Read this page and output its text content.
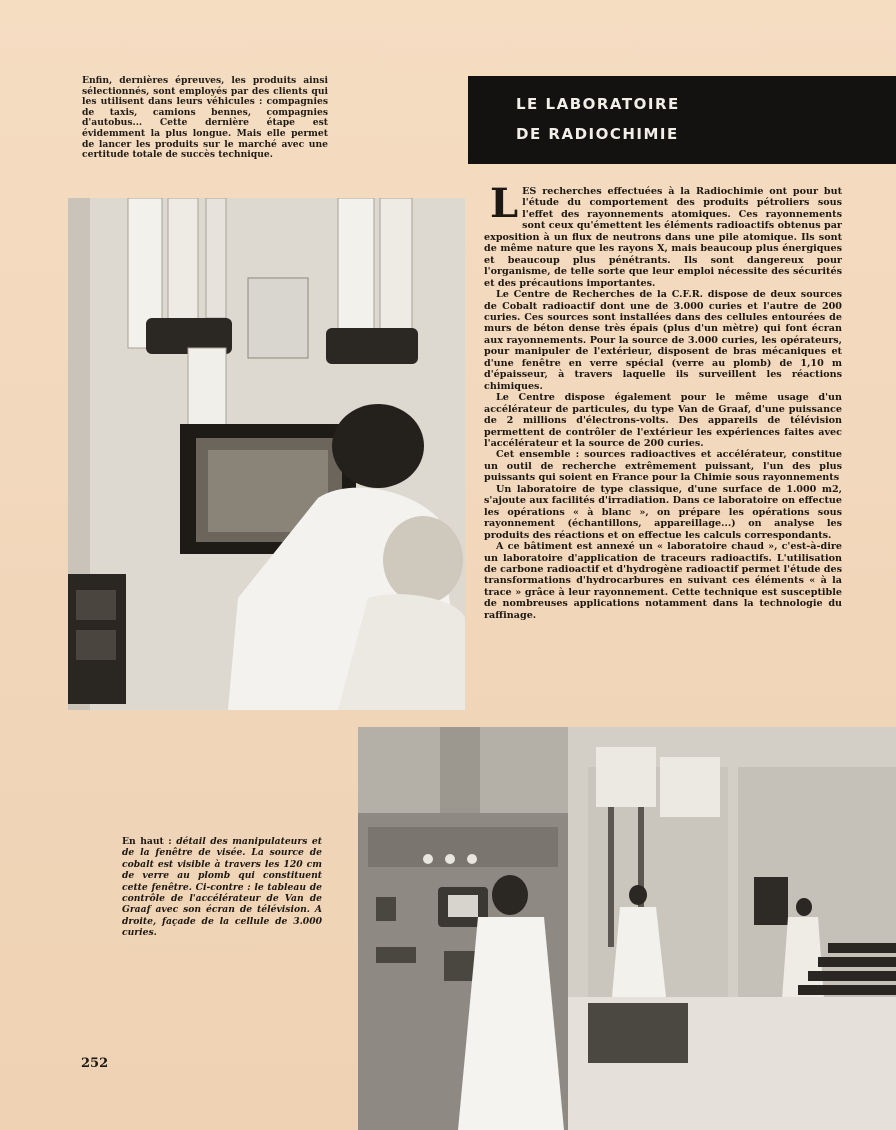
Enfin, dernières épreuves, les produits ainsi sélectionnés, sont employés par des clients qui les utilisent dans leurs véhicules : compagnies de taxis, camions bennes, compagnies d'autobus... Cette dernière étape est évidemment la plus longue. Mais elle permet de lancer les produits sur le marché avec une certitude totale de succès technique.
LE LABORATOIRE
DE RADIOCHIMIE

LES recherches effectuées à la Radiochimie ont pour but l'étude du comportement des produits pétroliers sous l'effet des rayonnements atomiques. Ces rayonnements sont ceux qu'émettent les éléments radioactifs obtenus par exposition à un flux de neutrons dans une pile atomique. Ils sont de même nature que les rayons X, mais beaucoup plus énergiques et beaucoup plus pénétrants. Ils sont dangereux pour l'organisme, de telle sorte que leur emploi nécessite des sécurités et des précautions importantes.

Le Centre de Recherches de la C.F.R. dispose de deux sources de Cobalt radioactif dont une de 3.000 curies et l'autre de 200 curies. Ces sources sont installées dans des cellules entourées de murs de béton dense très épais (plus d'un mètre) qui font écran aux rayonnements. Pour la source de 3.000 curies, les opérateurs, pour manipuler de l'extérieur, disposent de bras mécaniques et d'une fenêtre en verre spécial (verre au plomb) de 1,10 m d'épaisseur, à travers laquelle ils surveillent les réactions chimiques.

Le Centre dispose également pour le même usage d'un accélérateur de particules, du type Van de Graaf, d'une puissance de 2 millions d'électrons-volts. Des appareils de télévision permettent de contrôler de l'extérieur les expériences faites avec l'accélérateur et la source de 200 curies.

Cet ensemble : sources radioactives et accélérateur, constitue un outil de recherche extrêmement puissant, l'un des plus puissants qui soient en France pour la Chimie sous rayonnements

Un laboratoire de type classique, d'une surface de 1.000 m2, s'ajoute aux facilités d'irradiation. Dans ce laboratoire on effectue les opérations « à blanc », on prépare les opérations sous rayonnement (échantillons, appareillage...) on analyse les produits des réactions et on effectue les calculs correspondants.

A ce bâtiment est annexé un « laboratoire chaud », c'est-à-dire un laboratoire d'application de traceurs radioactifs. L'utilisation de carbone radioactif et d'hydrogène radioactif permet l'étude des transformations d'hydrocarbures en suivant ces éléments « à la trace » grâce à leur rayonnement. Cette technique est susceptible de nombreuses applications notamment dans la technologie du raffinage.

En haut : détail des manipulateurs et de la fenêtre de visée. La source de cobalt est visible à travers les 120 cm de verre au plomb qui constituent cette fenêtre. Ci-contre : le tableau de contrôle de l'accélérateur de Van de Graaf avec son écran de télévision. A droite, façade de la cellule de 3.000 curies.
252
